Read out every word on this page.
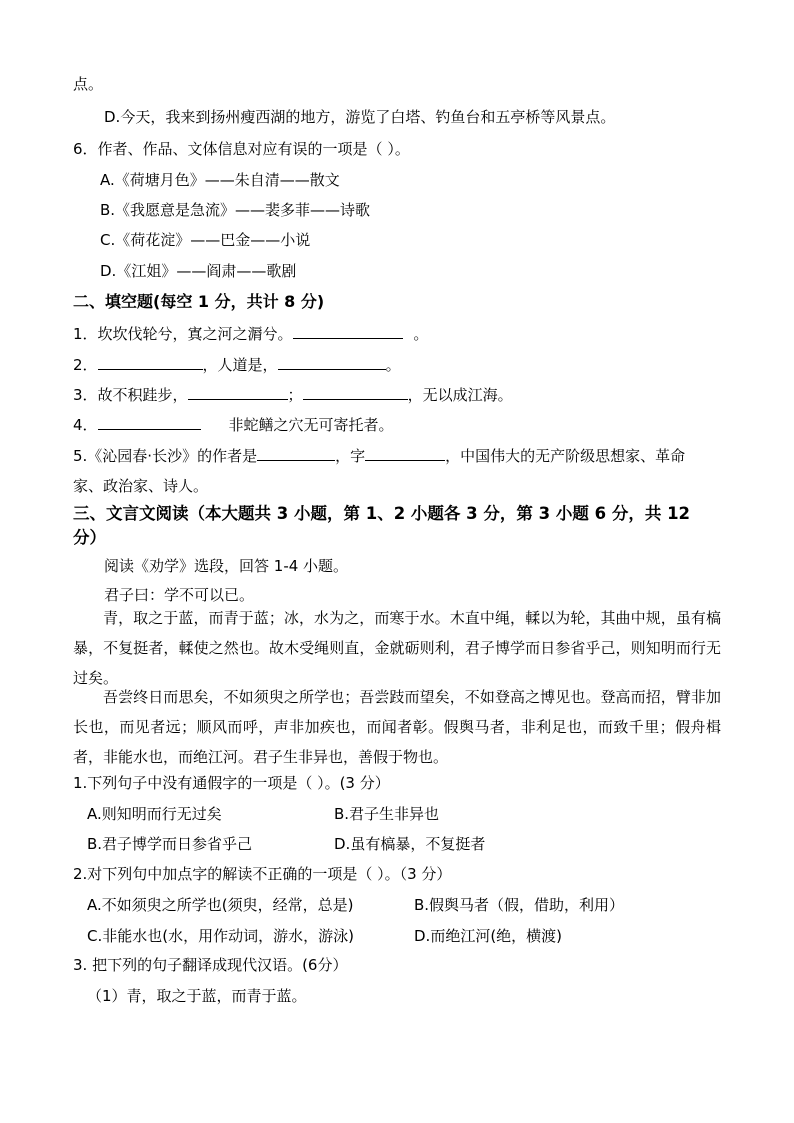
点。
D.今天，我来到扬州瘦西湖的地方，游览了白塔、钓鱼台和五亭桥等风景点。
6．作者、作品、文体信息对应有误的一项是（ ）。
A.《荷塘月色》——朱自清——散文
B.《我愿意是急流》——裴多菲——诗歌
C.《荷花淀》——巴金——小说
D.《江姐》——阎肃——歌剧
二、填空题(每空 1 分，共计 8 分)
1．坎坎伐轮兮，寘之河之漘兮。	。
2．	，人道是，	。
3．故不积跬步，	；	，无以成江海。
4．	非蛇鳝之穴无可寄托者。
5.《沁园春·长沙》的作者是	，字	，中国伟大的无产阶级思想家、革命
家、政治家、诗人。
三、文言文阅读（本大题共 3 小题，第 1、2 小题各 3 分，第 3 小题 6 分，共 12
分）
阅读《劝学》选段，回答 1-4 小题。
君子曰：学不可以已。
青，取之于蓝，而青于蓝；冰，水为之，而寒于水。木直中绳，輮以为轮，其曲中规，虽有槁暴，不复挺者，輮使之然也。故木受绳则直，金就砺则利，君子博学而日参省乎己，则知明而行无过矣。
吾尝终日而思矣，不如须臾之所学也；吾尝跂而望矣，不如登高之博见也。登高而招，臂非加长也，而见者远；顺风而呼，声非加疾也，而闻者彰。假舆马者，非利足也，而致千里；假舟楫者，非能水也，而绝江河。君子生非异也，善假于物也。
1.下列句子中没有通假字的一项是（ ）。(3 分）
A.则知明而行无过矣	B.君子生非异也
B.君子博学而日参省乎己	D.虽有槁暴，不复挺者
2.对下列句中加点字的解读不正确的一项是（ ）。（3 分）
A.不如须臾之所学也(须臾，经常，总是)	B.假舆马者（假，借助，利用）
C.非能水也(水，用作动词，游水，游泳)	D.而绝江河(绝，横渡)
3. 把下列的句子翻译成现代汉语。(6分）
（1）青，取之于蓝，而青于蓝。
